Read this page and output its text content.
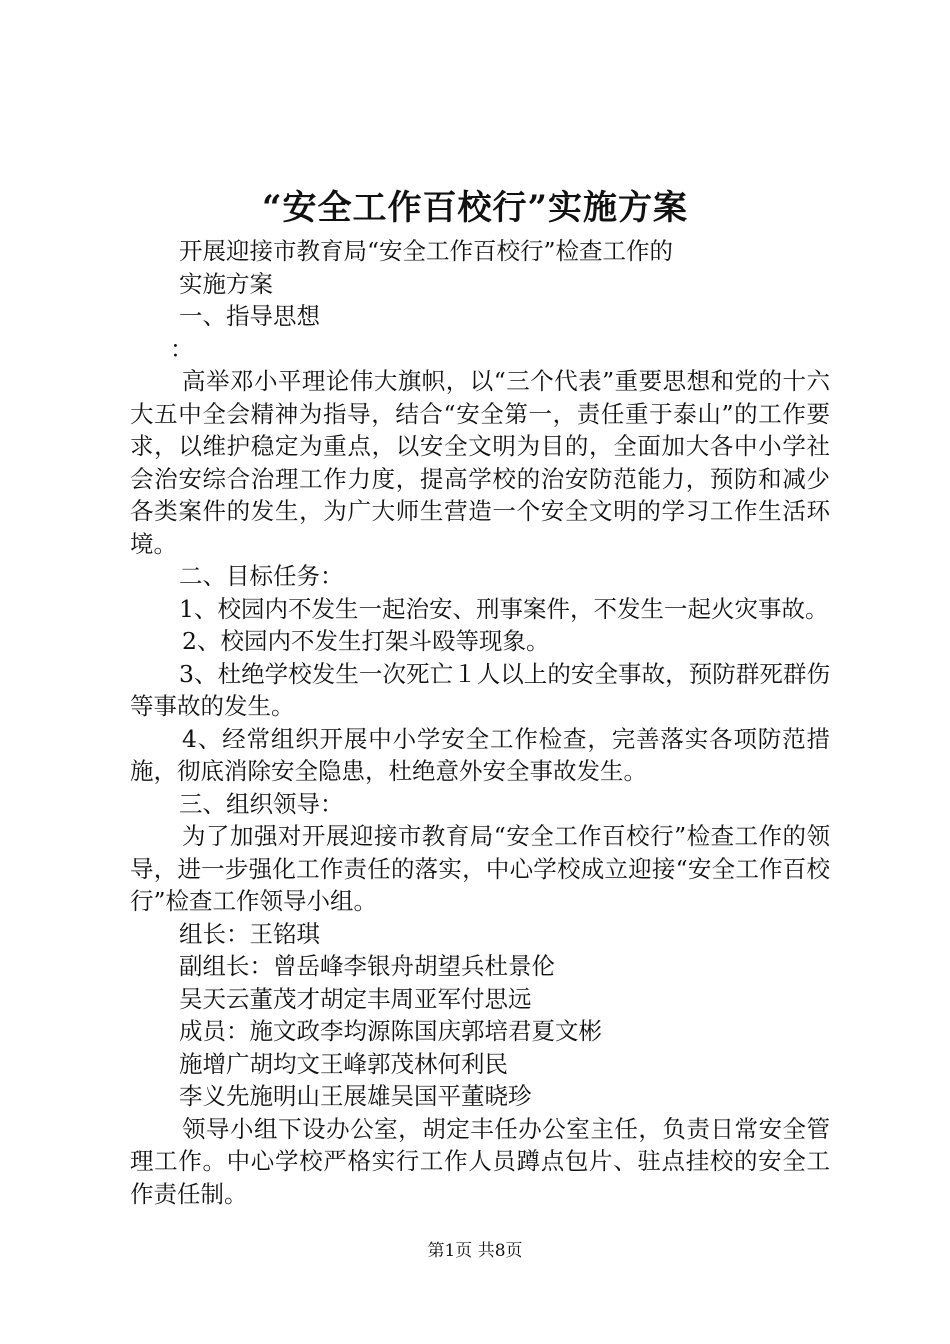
“安全工作百校行”实施方案
开展迎接市教育局“安全工作百校行”检查工作的
实施方案
一、指导思想
：
高举邓小平理论伟大旗帜，以“三个代表”重要思想和党的十六大五中全会精神为指导，结合“安全第一，责任重于泰山”的工作要求，以维护稳定为重点，以安全文明为目的，全面加大各中小学社会治安综合治理工作力度，提高学校的治安防范能力，预防和减少各类案件的发生，为广大师生营造一个安全文明的学习工作生活环境。
二、目标任务：
1、校园内不发生一起治安、刑事案件，不发生一起火灾事故。
2、校园内不发生打架斗殴等现象。
3、杜绝学校发生一次死亡１人以上的安全事故，预防群死群伤等事故的发生。
4、经常组织开展中小学安全工作检查，完善落实各项防范措施，彻底消除安全隐患，杜绝意外安全事故发生。
三、组织领导：
为了加强对开展迎接市教育局“安全工作百校行”检查工作的领导，进一步强化工作责任的落实，中心学校成立迎接“安全工作百校行”检查工作领导小组。
组长：王铭琪
副组长：曾岳峰李银舟胡望兵杜景伦
吴天云董茂才胡定丰周亚军付思远
成员：施文政李均源陈国庆郭培君夏文彬
施增广胡均文王峰郭茂林何利民
李义先施明山王展雄吴国平董晓珍
领导小组下设办公室，胡定丰任办公室主任，负责日常安全管理工作。中心学校严格实行工作人员蹲点包片、驻点挂校的安全工作责任制。
第1页 共8页
